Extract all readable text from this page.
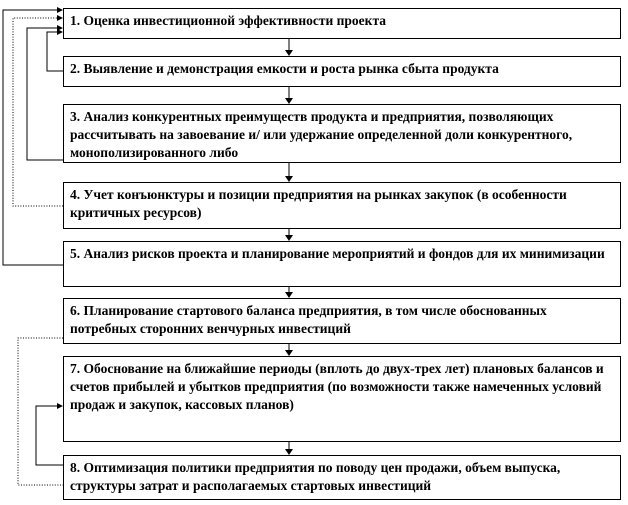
1. Оценка инвестиционной эффективности проекта
2. Выявление и демонстрация емкости и роста рынка сбыта продукта
3. Анализ конкурентных преимуществ продукта и предприятия, позволяющих рассчитывать на завоевание и/ или удержание определенной доли конкурентного, монополизированного либо
4. Учет конъюнктуры и позиции предприятия на рынках закупок (в особенности критичных ресурсов)
5. Анализ рисков проекта и планирование мероприятий и фондов для их минимизации
6. Планирование стартового баланса предприятия, в том числе обоснованных потребных сторонних венчурных инвестиций
7. Обоснование на ближайшие периоды (вплоть до двух-трех лет) плановых балансов и счетов прибылей и убытков предприятия (по возможности также намеченных условий продаж и закупок, кассовых планов)
8. Оптимизация политики предприятия по поводу цен продажи, объем выпуска, структуры затрат и располагаемых стартовых инвестиций
